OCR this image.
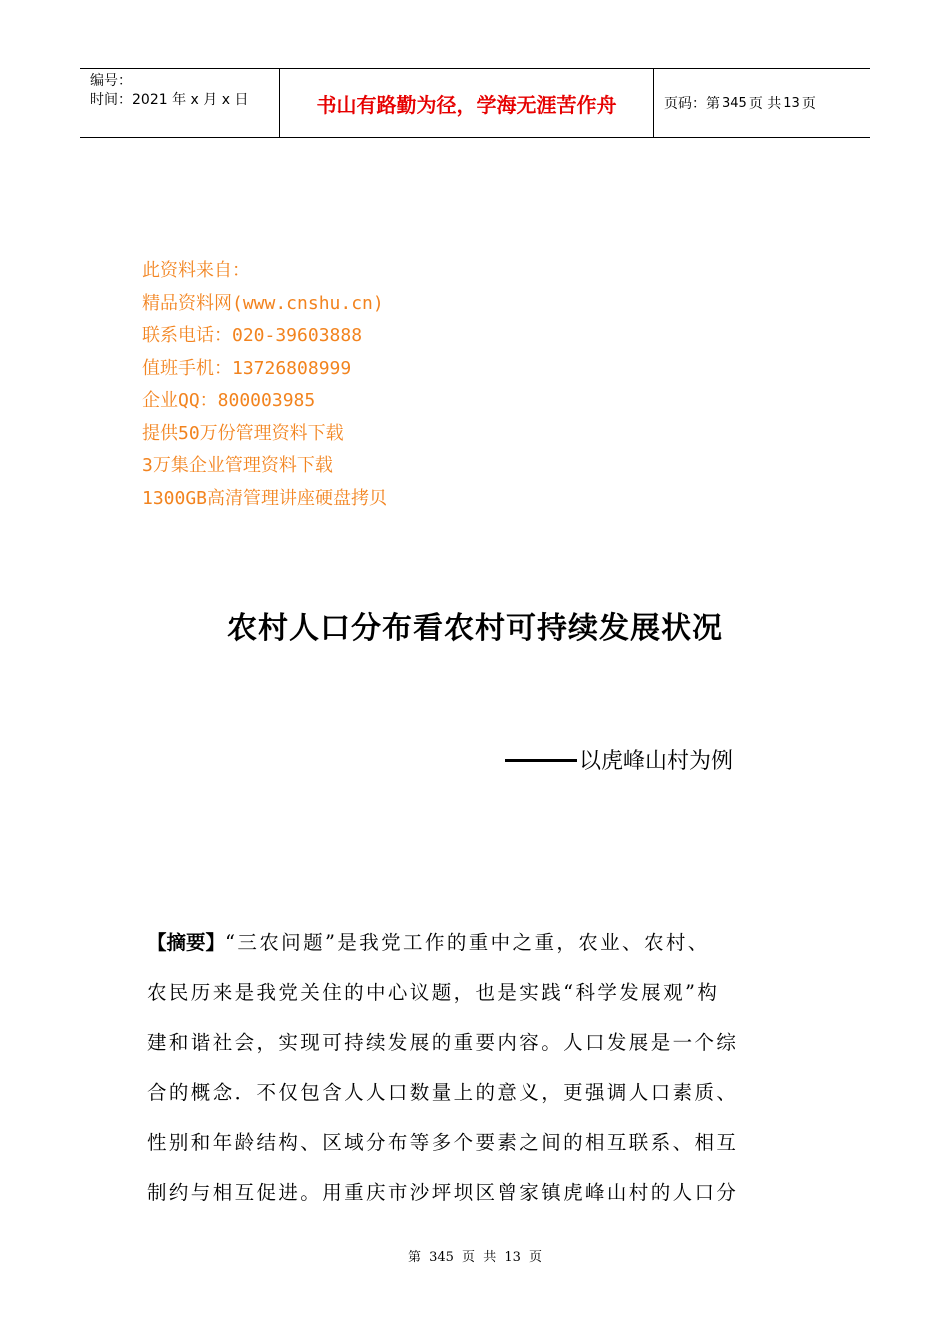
编号：
时间：2021 年 x 月 x 日	书山有路勤为径，学海无涯苦作舟	页码：第 345 页 共 13 页
此资料来自：
精品资料网(www.cnshu.cn)
联系电话：020-39603888
值班手机：13726808999
企业QQ：800003985
提供50万份管理资料下载
3万集企业管理资料下载
1300GB高清管理讲座硬盘拷贝
农村人口分布看农村可持续发展状况
以虎峰山村为例
【摘要】“三农问题”是我党工作的重中之重，农业、农村、
农民历来是我党关住的中心议题，也是实践“科学发展观”构
建和谐社会，实现可持续发展的重要内容。人口发展是一个综
合的概念．不仅包含人人口数量上的意义，更强调人口素质、
性别和年龄结构、区域分布等多个要素之间的相互联系、相互
制约与相互促进。用重庆市沙坪坝区曾家镇虎峰山村的人口分
第 345 页 共 13 页
